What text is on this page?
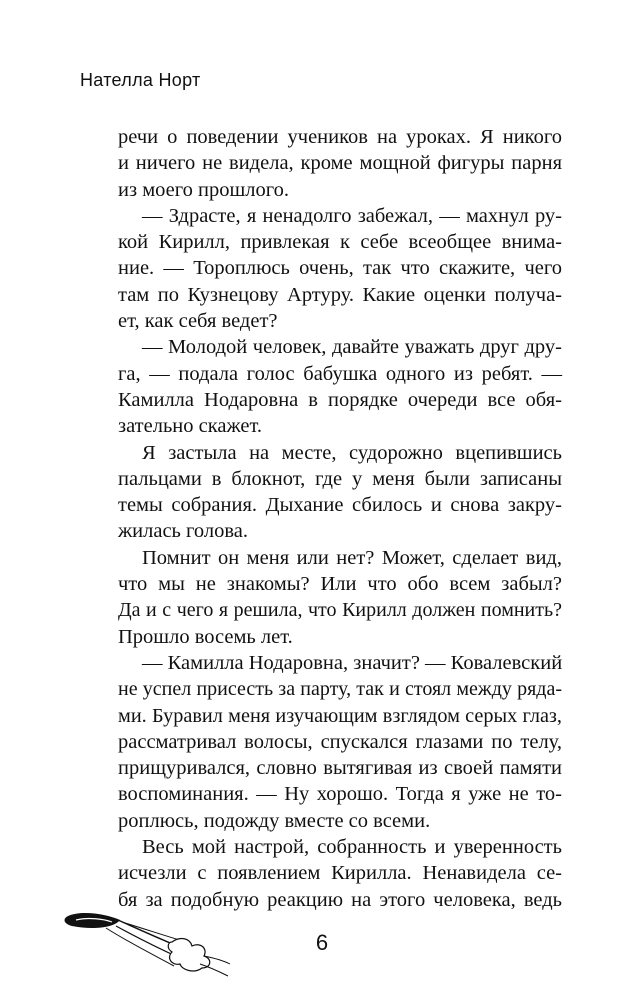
Нателла Норт

речи о поведении учеников на уроках. Я никого

и ничего не видела, кроме мощной фигуры парня

из моего прошлого.

— Здрасте, я ненадолго забежал, — махнул ру-

кой Кирилл, привлекая к себе всеобщее внима-

ние. — Тороплюсь очень, так что скажите, чего

там по Кузнецову Артуру. Какие оценки получа-

ет, как себя ведет?

— Молодой человек, давайте уважать друг дру-

га, — подала голос бабушка одного из ребят. —

Камилла Нодаровна в порядке очереди все обя-

зательно скажет.

Я застыла на месте, судорожно вцепившись

пальцами в блокнот, где у меня были записаны

темы собрания. Дыхание сбилось и снова закру-

жилась голова.

Помнит он меня или нет? Может, сделает вид,

что мы не знакомы? Или что обо всем забыл?

Да и с чего я решила, что Кирилл должен помнить?

Прошло восемь лет.

— Камилла Нодаровна, значит? — Ковалевский

не успел присесть за парту, так и стоял между ряда-

ми. Буравил меня изучающим взглядом серых глаз,

рассматривал волосы, спускался глазами по телу,

прищуривался, словно вытягивая из своей памяти

воспоминания. — Ну хорошо. Тогда я уже не то-

роплюсь, подожду вместе со всеми.

Весь мой настрой, собранность и уверенность

исчезли с появлением Кирилла. Ненавидела се-

бя за подобную реакцию на этого человека, ведь

6
